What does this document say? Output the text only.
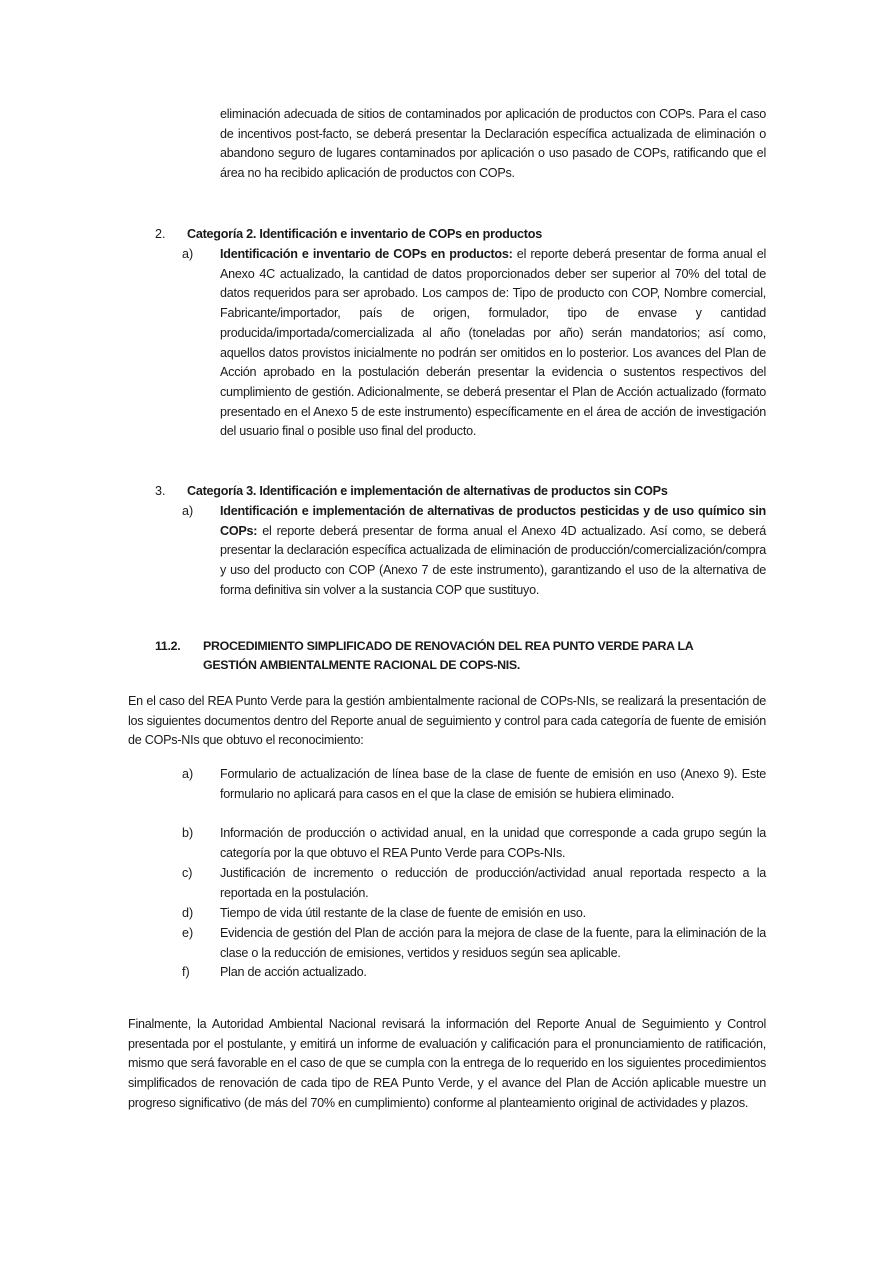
eliminación adecuada de sitios de contaminados por aplicación de productos con COPs. Para el caso de incentivos post-facto, se deberá presentar la Declaración específica actualizada de eliminación o abandono seguro de lugares contaminados por aplicación o uso pasado de COPs, ratificando que el área no ha recibido aplicación de productos con COPs.

2. Categoría 2. Identificación e inventario de COPs en productos
a) Identificación e inventario de COPs en productos: el reporte deberá presentar de forma anual el Anexo 4C actualizado, la cantidad de datos proporcionados deber ser superior al 70% del total de datos requeridos para ser aprobado. Los campos de: Tipo de producto con COP, Nombre comercial, Fabricante/importador, país de origen, formulador, tipo de envase y cantidad producida/importada/comercializada al año (toneladas por año) serán mandatorios; así como, aquellos datos provistos inicialmente no podrán ser omitidos en lo posterior. Los avances del Plan de Acción aprobado en la postulación deberán presentar la evidencia o sustentos respectivos del cumplimiento de gestión. Adicionalmente, se deberá presentar el Plan de Acción actualizado (formato presentado en el Anexo 5 de este instrumento) específicamente en el área de acción de investigación del usuario final o posible uso final del producto.

3. Categoría 3. Identificación e implementación de alternativas de productos sin COPs
a) Identificación e implementación de alternativas de productos pesticidas y de uso químico sin COPs: el reporte deberá presentar de forma anual el Anexo 4D actualizado. Así como, se deberá presentar la declaración específica actualizada de eliminación de producción/comercialización/compra y uso del producto con COP (Anexo 7 de este instrumento), garantizando el uso de la alternativa de forma definitiva sin volver a la sustancia COP que sustituyo.

11.2. PROCEDIMIENTO SIMPLIFICADO DE RENOVACIÓN DEL REA PUNTO VERDE PARA LA
GESTIÓN AMBIENTALMENTE RACIONAL DE COPS-NIS.

En el caso del REA Punto Verde para la gestión ambientalmente racional de COPs-NIs, se realizará la presentación de los siguientes documentos dentro del Reporte anual de seguimiento y control para cada categoría de fuente de emisión de COPs-NIs que obtuvo el reconocimiento:

a) Formulario de actualización de línea base de la clase de fuente de emisión en uso (Anexo 9). Este formulario no aplicará para casos en el que la clase de emisión se hubiera eliminado.

b) Información de producción o actividad anual, en la unidad que corresponde a cada grupo según la categoría por la que obtuvo el REA Punto Verde para COPs-NIs.

c) Justificación de incremento o reducción de producción/actividad anual reportada respecto a la reportada en la postulación.

d) Tiempo de vida útil restante de la clase de fuente de emisión en uso.

e) Evidencia de gestión del Plan de acción para la mejora de clase de la fuente, para la eliminación de la clase o la reducción de emisiones, vertidos y residuos según sea aplicable.

f) Plan de acción actualizado.

Finalmente, la Autoridad Ambiental Nacional revisará la información del Reporte Anual de Seguimiento y Control presentada por el postulante, y emitirá un informe de evaluación y calificación para el pronunciamiento de ratificación, mismo que será favorable en el caso de que se cumpla con la entrega de lo requerido en los siguientes procedimientos simplificados de renovación de cada tipo de REA Punto Verde, y el avance del Plan de Acción aplicable muestre un progreso significativo (de más del 70% en cumplimiento) conforme al planteamiento original de actividades y plazos.
